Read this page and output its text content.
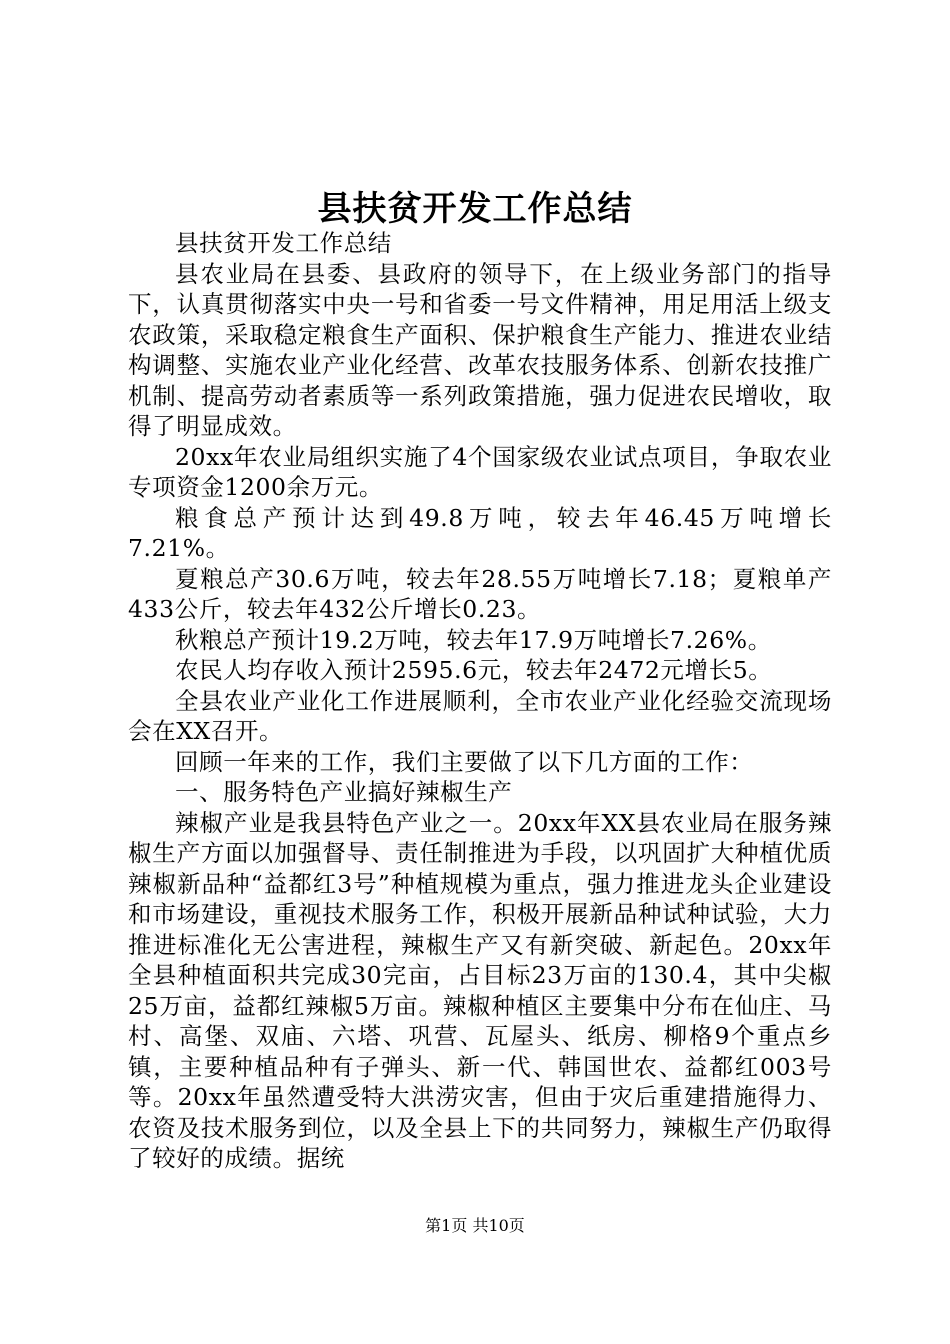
县扶贫开发工作总结

县扶贫开发工作总结

县农业局在县委、县政府的领导下，在上级业务部门的指导下，认真贯彻落实中央一号和省委一号文件精神，用足用活上级支农政策，采取稳定粮食生产面积、保护粮食生产能力、推进农业结构调整、实施农业产业化经营、改革农技服务体系、创新农技推广机制、提高劳动者素质等一系列政策措施，强力促进农民增收，取得了明显成效。

20xx年农业局组织实施了4个国家级农业试点项目，争取农业专项资金1200余万元。

粮食总产预计达到49.8万吨，较去年46.45万吨增长7.21%。

夏粮总产30.6万吨，较去年28.55万吨增长7.18；夏粮单产433公斤，较去年432公斤增长0.23。

秋粮总产预计19.2万吨，较去年17.9万吨增长7.26%。

农民人均存收入预计2595.6元，较去年2472元增长5。

全县农业产业化工作进展顺利，全市农业产业化经验交流现场会在XX召开。

回顾一年来的工作，我们主要做了以下几方面的工作：

一、服务特色产业搞好辣椒生产

辣椒产业是我县特色产业之一。20xx年XX县农业局在服务辣椒生产方面以加强督导、责任制推进为手段，以巩固扩大种植优质辣椒新品种“益都红3号”种植规模为重点，强力推进龙头企业建设和市场建设，重视技术服务工作，积极开展新品种试种试验，大力推进标准化无公害进程，辣椒生产又有新突破、新起色。20xx年全县种植面积共完成30完亩，占目标23万亩的130.4，其中尖椒25万亩，益都红辣椒5万亩。辣椒种植区主要集中分布在仙庄、马村、高堡、双庙、六塔、巩营、瓦屋头、纸房、柳格9个重点乡镇，主要种植品种有子弹头、新一代、韩国世农、益都红003号等。20xx年虽然遭受特大洪涝灾害，但由于灾后重建措施得力、农资及技术服务到位，以及全县上下的共同努力，辣椒生产仍取得了较好的成绩。据统

第1页 共10页
